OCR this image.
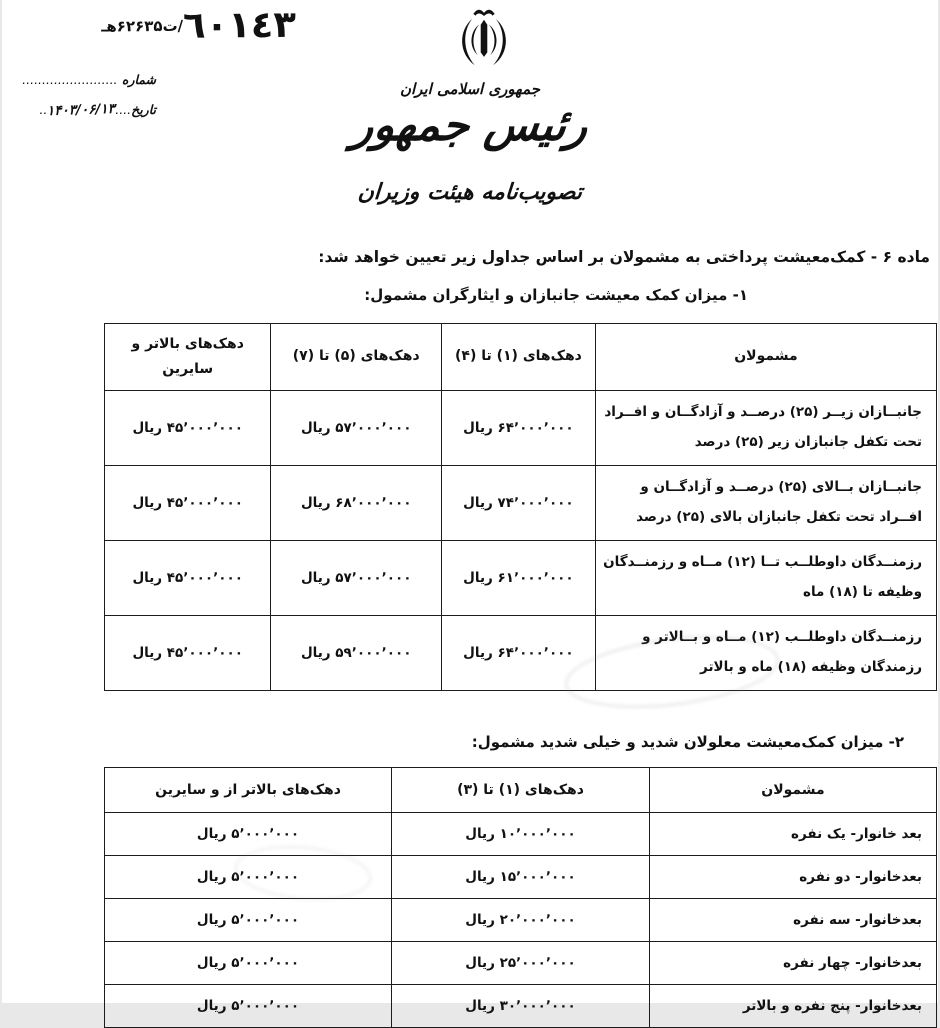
٦٠١٤٣/ت۶۲۶۳۵هـ
شماره ........................
تاریخ....۱۴۰۳/۰۶/۱۳..
جمهوری اسلامی ایران
رئیس جمهور
تصویب‌نامه هیئت وزیران

ماده ۶ - کمک‌معیشت پرداختی به مشمولان بر اساس جداول زیر تعیین خواهد شد:

۱- میزان کمک معیشت جانبازان و ایثارگران مشمول:

مشمولان	دهک‌های (۱) تا (۴)	دهک‌های (۵) تا (۷)	دهک‌های بالاتر و سایرین
جانبــازان زیــر (۲۵) درصــد و آزادگــان و افــراد تحت تکفل جانبازان زیر (۲۵) درصد	۶۴٬۰۰۰٬۰۰۰ ریال	۵۷٬۰۰۰٬۰۰۰ ریال	۴۵٬۰۰۰٬۰۰۰ ریال
جانبــازان بــالای (۲۵) درصــد و آزادگــان و افــراد تحت تکفل جانبازان بالای (۲۵) درصد	۷۴٬۰۰۰٬۰۰۰ ریال	۶۸٬۰۰۰٬۰۰۰ ریال	۴۵٬۰۰۰٬۰۰۰ ریال
رزمنــدگان داوطلــب تــا (۱۲) مــاه و رزمنــدگان وظیفه تا (۱۸) ماه	۶۱٬۰۰۰٬۰۰۰ ریال	۵۷٬۰۰۰٬۰۰۰ ریال	۴۵٬۰۰۰٬۰۰۰ ریال
رزمنــدگان داوطلــب (۱۲) مــاه و بــالاتر و رزمندگان وظیفه (۱۸) ماه و بالاتر	۶۴٬۰۰۰٬۰۰۰ ریال	۵۹٬۰۰۰٬۰۰۰ ریال	۴۵٬۰۰۰٬۰۰۰ ریال

۲- میزان کمک‌معیشت معلولان شدید و خیلی شدید مشمول:

مشمولان	دهک‌های (۱) تا (۳)	دهک‌های بالاتر از و سایرین
بعد خانوار- یک نفره	۱۰٬۰۰۰٬۰۰۰ ریال	۵٬۰۰۰٬۰۰۰ ریال
بعدخانوار- دو نفره	۱۵٬۰۰۰٬۰۰۰ ریال	۵٬۰۰۰٬۰۰۰ ریال
بعدخانوار- سه نفره	۲۰٬۰۰۰٬۰۰۰ ریال	۵٬۰۰۰٬۰۰۰ ریال
بعدخانوار- چهار نفره	۲۵٬۰۰۰٬۰۰۰ ریال	۵٬۰۰۰٬۰۰۰ ریال
بعدخانوار- پنج نفره و بالاتر	۳۰٬۰۰۰٬۰۰۰ ریال	۵٬۰۰۰٬۰۰۰ ریال
